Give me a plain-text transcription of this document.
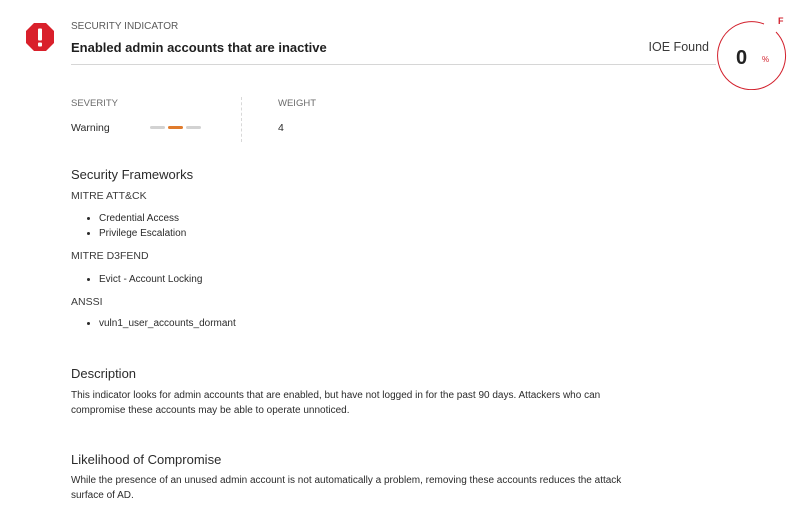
SECURITY INDICATOR
Enabled admin accounts that are inactive	IOE Found
F
0 %
SEVERITY
Warning
WEIGHT
4
Security Frameworks
MITRE ATT&CK
• Credential Access
• Privilege Escalation
MITRE D3FEND
• Evict - Account Locking
ANSSI
• vuln1_user_accounts_dormant
Description
This indicator looks for admin accounts that are enabled, but have not logged in for the past 90 days. Attackers who can compromise these accounts may be able to operate unnoticed.
Likelihood of Compromise
While the presence of an unused admin account is not automatically a problem, removing these accounts reduces the attack surface of AD.
